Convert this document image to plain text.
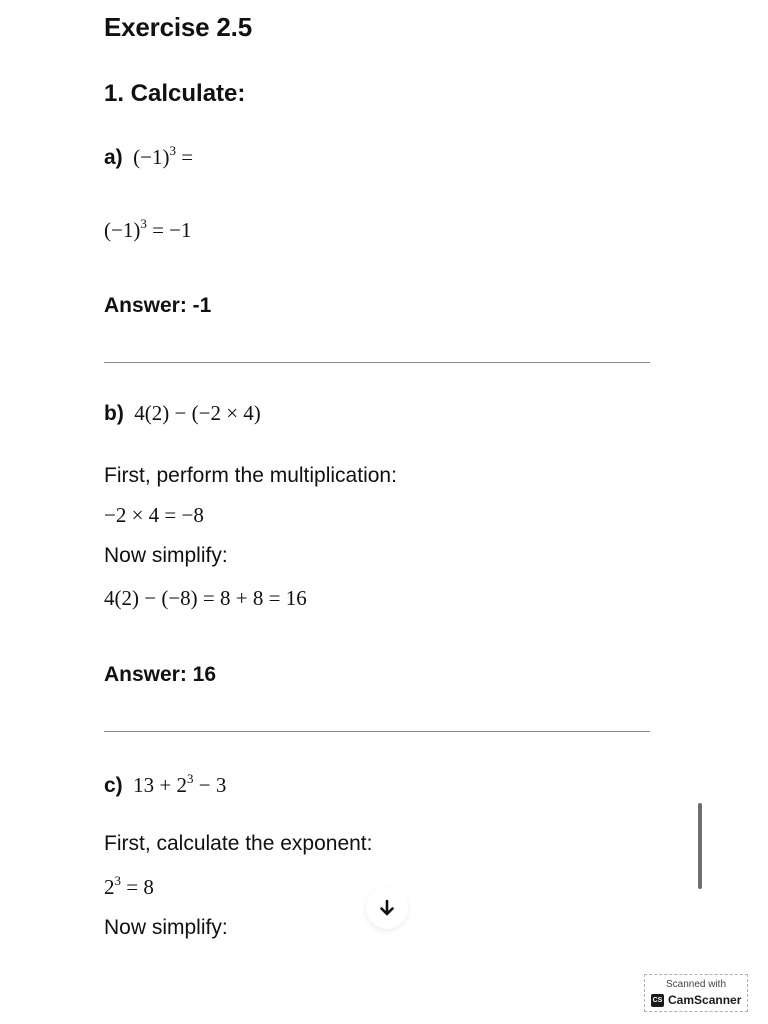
Exercise 2.5
1. Calculate:
a) $(-1)^3$ =
$(-1)^3 = -1$
Answer: -1
b) 4(2) − (−2 × 4)
First, perform the multiplication:
−2 × 4 = −8
Now simplify:
4(2) − (−8) = 8 + 8 = 16
Answer: 16
c) $13 + 2^3 - 3$
First, calculate the exponent:
$2^3 = 8$
Now simplify:
Scanned with
CS CamScanner
